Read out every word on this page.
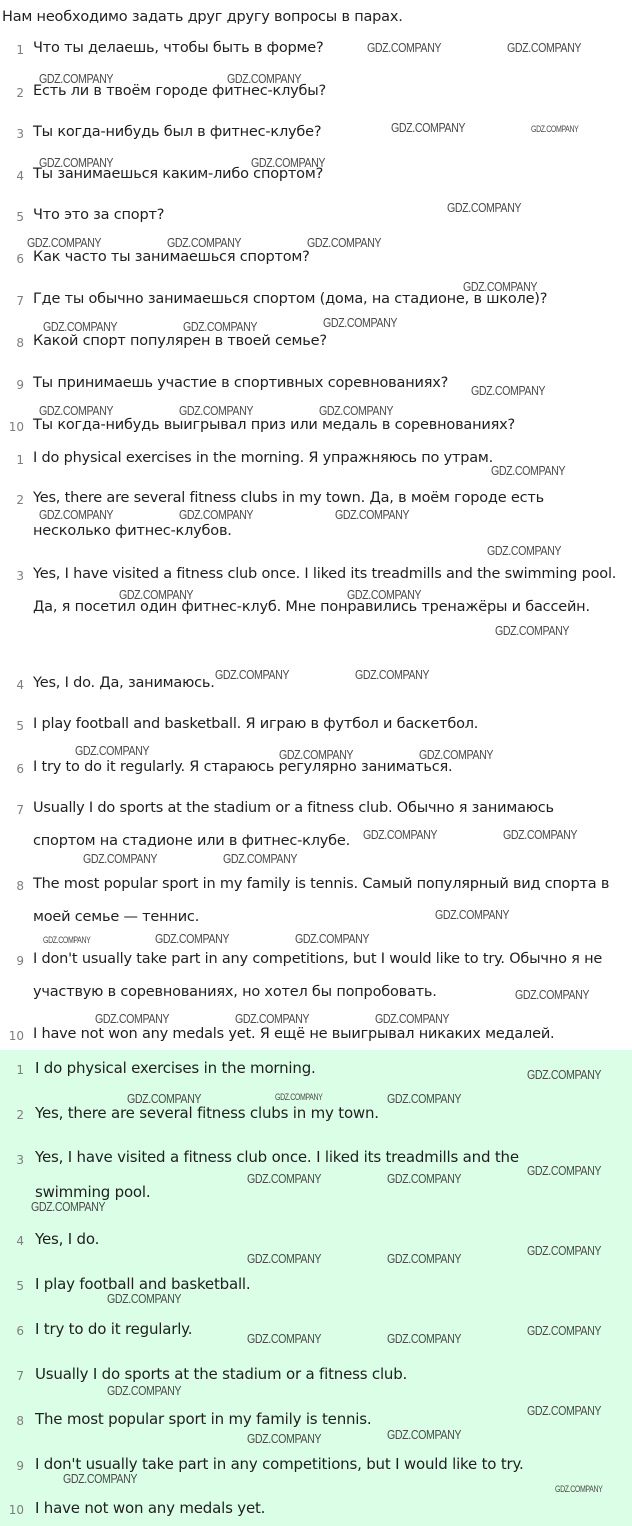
Нам необходимо задать друг другу вопросы в парах.
1 Что ты делаешь, чтобы быть в форме?
2 Есть ли в твоём городе фитнес-клубы?
3 Ты когда-нибудь был в фитнес-клубе?
4 Ты занимаешься каким-либо спортом?
5 Что это за спорт?
6 Как часто ты занимаешься спортом?
7 Где ты обычно занимаешься спортом (дома, на стадионе, в школе)?
8 Какой спорт популярен в твоей семье?
9 Ты принимаешь участие в спортивных соревнованиях?
10 Ты когда-нибудь выигрывал приз или медаль в соревнованиях?
1 I do physical exercises in the morning. Я упражняюсь по утрам.
2 Yes, there are several fitness clubs in my town. Да, в моём городе есть несколько фитнес-клубов.
3 Yes, I have visited a fitness club once. I liked its treadmills and the swimming pool. Да, я посетил один фитнес-клуб. Мне понравились тренажёры и бассейн.
4 Yes, I do. Да, занимаюсь.
5 I play football and basketball. Я играю в футбол и баскетбол.
6 I try to do it regularly. Я стараюсь регулярно заниматься.
7 Usually I do sports at the stadium or a fitness club. Обычно я занимаюсь спортом на стадионе или в фитнес-клубе.
8 The most popular sport in my family is tennis. Самый популярный вид спорта в моей семье — теннис.
9 I don't usually take part in any competitions, but I would like to try. Обычно я не участвую в соревнованиях, но хотел бы попробовать.
10 I have not won any medals yet. Я ещё не выигрывал никаких медалей.
1 I do physical exercises in the morning.
2 Yes, there are several fitness clubs in my town.
3 Yes, I have visited a fitness club once. I liked its treadmills and the swimming pool.
4 Yes, I do.
5 I play football and basketball.
6 I try to do it regularly.
7 Usually I do sports at the stadium or a fitness club.
8 The most popular sport in my family is tennis.
9 I don't usually take part in any competitions, but I would like to try.
10 I have not won any medals yet.
GDZ.COMPANY	GDZ.COMPANY
GDZ.COMPANY	GDZ.COMPANY
GDZ.COMPANY	GDZ.COMPANY
GDZ.COMPANY	GDZ.COMPANY
GDZ.COMPANY
GDZ.COMPANY	GDZ.COMPANY	GDZ.COMPANY
GDZ.COMPANY
GDZ.COMPANY	GDZ.COMPANY	GDZ.COMPANY
GDZ.COMPANY
GDZ.COMPANY	GDZ.COMPANY	GDZ.COMPANY
GDZ.COMPANY
GDZ.COMPANY	GDZ.COMPANY	GDZ.COMPANY
GDZ.COMPANY
GDZ.COMPANY	GDZ.COMPANY
GDZ.COMPANY
GDZ.COMPANY	GDZ.COMPANY
GDZ.COMPANY	GDZ.COMPANY	GDZ.COMPANY
GDZ.COMPANY	GDZ.COMPANY
GDZ.COMPANY	GDZ.COMPANY
GDZ.COMPANY
GDZ.COMPANY	GDZ.COMPANY	GDZ.COMPANY
GDZ.COMPANY
GDZ.COMPANY	GDZ.COMPANY	GDZ.COMPANY
GDZ.COMPANY
GDZ.COMPANY	GDZ.COMPANY	GDZ.COMPANY
GDZ.COMPANY
GDZ.COMPANY	GDZ.COMPANY
GDZ.COMPANY
GDZ.COMPANY
GDZ.COMPANY	GDZ.COMPANY
GDZ.COMPANY
GDZ.COMPANY
GDZ.COMPANY	GDZ.COMPANY
GDZ.COMPANY
GDZ.COMPANY
GDZ.COMPANY	GDZ.COMPANY
GDZ.COMPANY
GDZ.COMPANY
